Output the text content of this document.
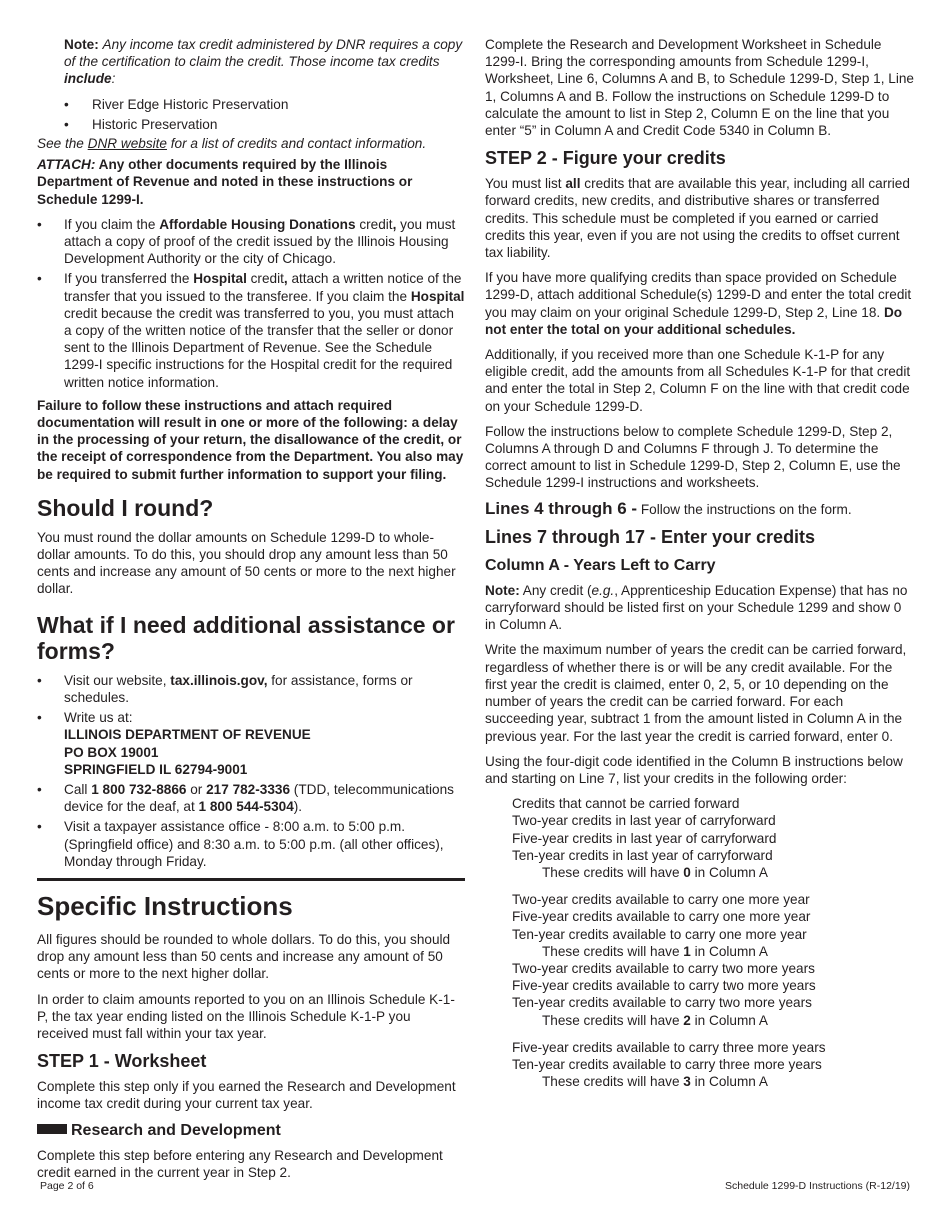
Note: Any income tax credit administered by DNR requires a copy of the certification to claim the credit. Those income tax credits include:

• River Edge Historic Preservation
• Historic Preservation

See the DNR website for a list of credits and contact information.

ATTACH: Any other documents required by the Illinois Department of Revenue and noted in these instructions or Schedule 1299-I.

• If you claim the Affordable Housing Donations credit, you must attach a copy of proof of the credit issued by the Illinois Housing Development Authority or the city of Chicago.
• If you transferred the Hospital credit, attach a written notice of the transfer that you issued to the transferee. If you claim the Hospital credit because the credit was transferred to you, you must attach a copy of the written notice of the transfer that the seller or donor sent to the Illinois Department of Revenue. See the Schedule 1299-I specific instructions for the Hospital credit for the required written notice information.

Failure to follow these instructions and attach required documentation will result in one or more of the following: a delay in the processing of your return, the disallowance of the credit, or the receipt of correspondence from the Department. You also may be required to submit further information to support your filing.

Should I round?

You must round the dollar amounts on Schedule 1299-D to whole-dollar amounts. To do this, you should drop any amount less than 50 cents and increase any amount of 50 cents or more to the next higher dollar.

What if I need additional assistance or forms?
• Visit our website, tax.illinois.gov, for assistance, forms or schedules.
• Write us at:
ILLINOIS DEPARTMENT OF REVENUE
PO BOX 19001
SPRINGFIELD IL 62794-9001
• Call 1 800 732-8866 or 217 782-3336 (TDD, telecommunications device for the deaf, at 1 800 544-5304).
• Visit a taxpayer assistance office - 8:00 a.m. to 5:00 p.m. (Springfield office) and 8:30 a.m. to 5:00 p.m. (all other offices), Monday through Friday.
Specific Instructions

All figures should be rounded to whole dollars. To do this, you should drop any amount less than 50 cents and increase any amount of 50 cents or more to the next higher dollar.

In order to claim amounts reported to you on an Illinois Schedule K-1-P, the tax year ending listed on the Illinois Schedule K-1-P you received must fall within your tax year.

STEP 1 - Worksheet

Complete this step only if you earned the Research and Development income tax credit during your current tax year.

Research and Development

Complete this step before entering any Research and Development credit earned in the current year in Step 2.

Complete the Research and Development Worksheet in Schedule 1299-I. Bring the corresponding amounts from Schedule 1299-I, Worksheet, Line 6, Columns A and B, to Schedule 1299-D, Step 1, Line 1, Columns A and B. Follow the instructions on Schedule 1299-D to calculate the amount to list in Step 2, Column E on the line that you enter “5” in Column A and Credit Code 5340 in Column B.

STEP 2 - Figure your credits

You must list all credits that are available this year, including all carried forward credits, new credits, and distributive shares or transferred credits. This schedule must be completed if you earned or carried credits this year, even if you are not using the credits to offset current tax liability.

If you have more qualifying credits than space provided on Schedule 1299-D, attach additional Schedule(s) 1299-D and enter the total credit you may claim on your original Schedule 1299-D, Step 2, Line 18. Do not enter the total on your additional schedules.

Additionally, if you received more than one Schedule K-1-P for any eligible credit, add the amounts from all Schedules K-1-P for that credit and enter the total in Step 2, Column F on the line with that credit code on your Schedule 1299-D.

Follow the instructions below to complete Schedule 1299-D, Step 2, Columns A through D and Columns F through J. To determine the correct amount to list in Schedule 1299-D, Step 2, Column E, use the Schedule 1299-I instructions and worksheets.

Lines 4 through 6 - Follow the instructions on the form.

Lines 7 through 17 - Enter your credits
Column A - Years Left to Carry

Note: Any credit (e.g., Apprenticeship Education Expense) that has no carryforward should be listed first on your Schedule 1299 and show 0 in Column A.

Write the maximum number of years the credit can be carried forward, regardless of whether there is or will be any credit available. For the first year the credit is claimed, enter 0, 2, 5, or 10 depending on the number of years the credit can be carried forward. For each succeeding year, subtract 1 from the amount listed in Column A in the previous year. For the last year the credit is carried forward, enter 0.

Using the four-digit code identified in the Column B instructions below and starting on Line 7, list your credits in the following order:

Credits that cannot be carried forward
Two-year credits in last year of carryforward
Five-year credits in last year of carryforward
Ten-year credits in last year of carryforward
These credits will have 0 in Column A
Two-year credits available to carry one more year
Five-year credits available to carry one more year
Ten-year credits available to carry one more year
These credits will have 1 in Column A
Two-year credits available to carry two more years
Five-year credits available to carry two more years
Ten-year credits available to carry two more years
These credits will have 2 in Column A
Five-year credits available to carry three more years
Ten-year credits available to carry three more years
These credits will have 3 in Column A
Page 2 of 6	Schedule 1299-D Instructions (R-12/19)
